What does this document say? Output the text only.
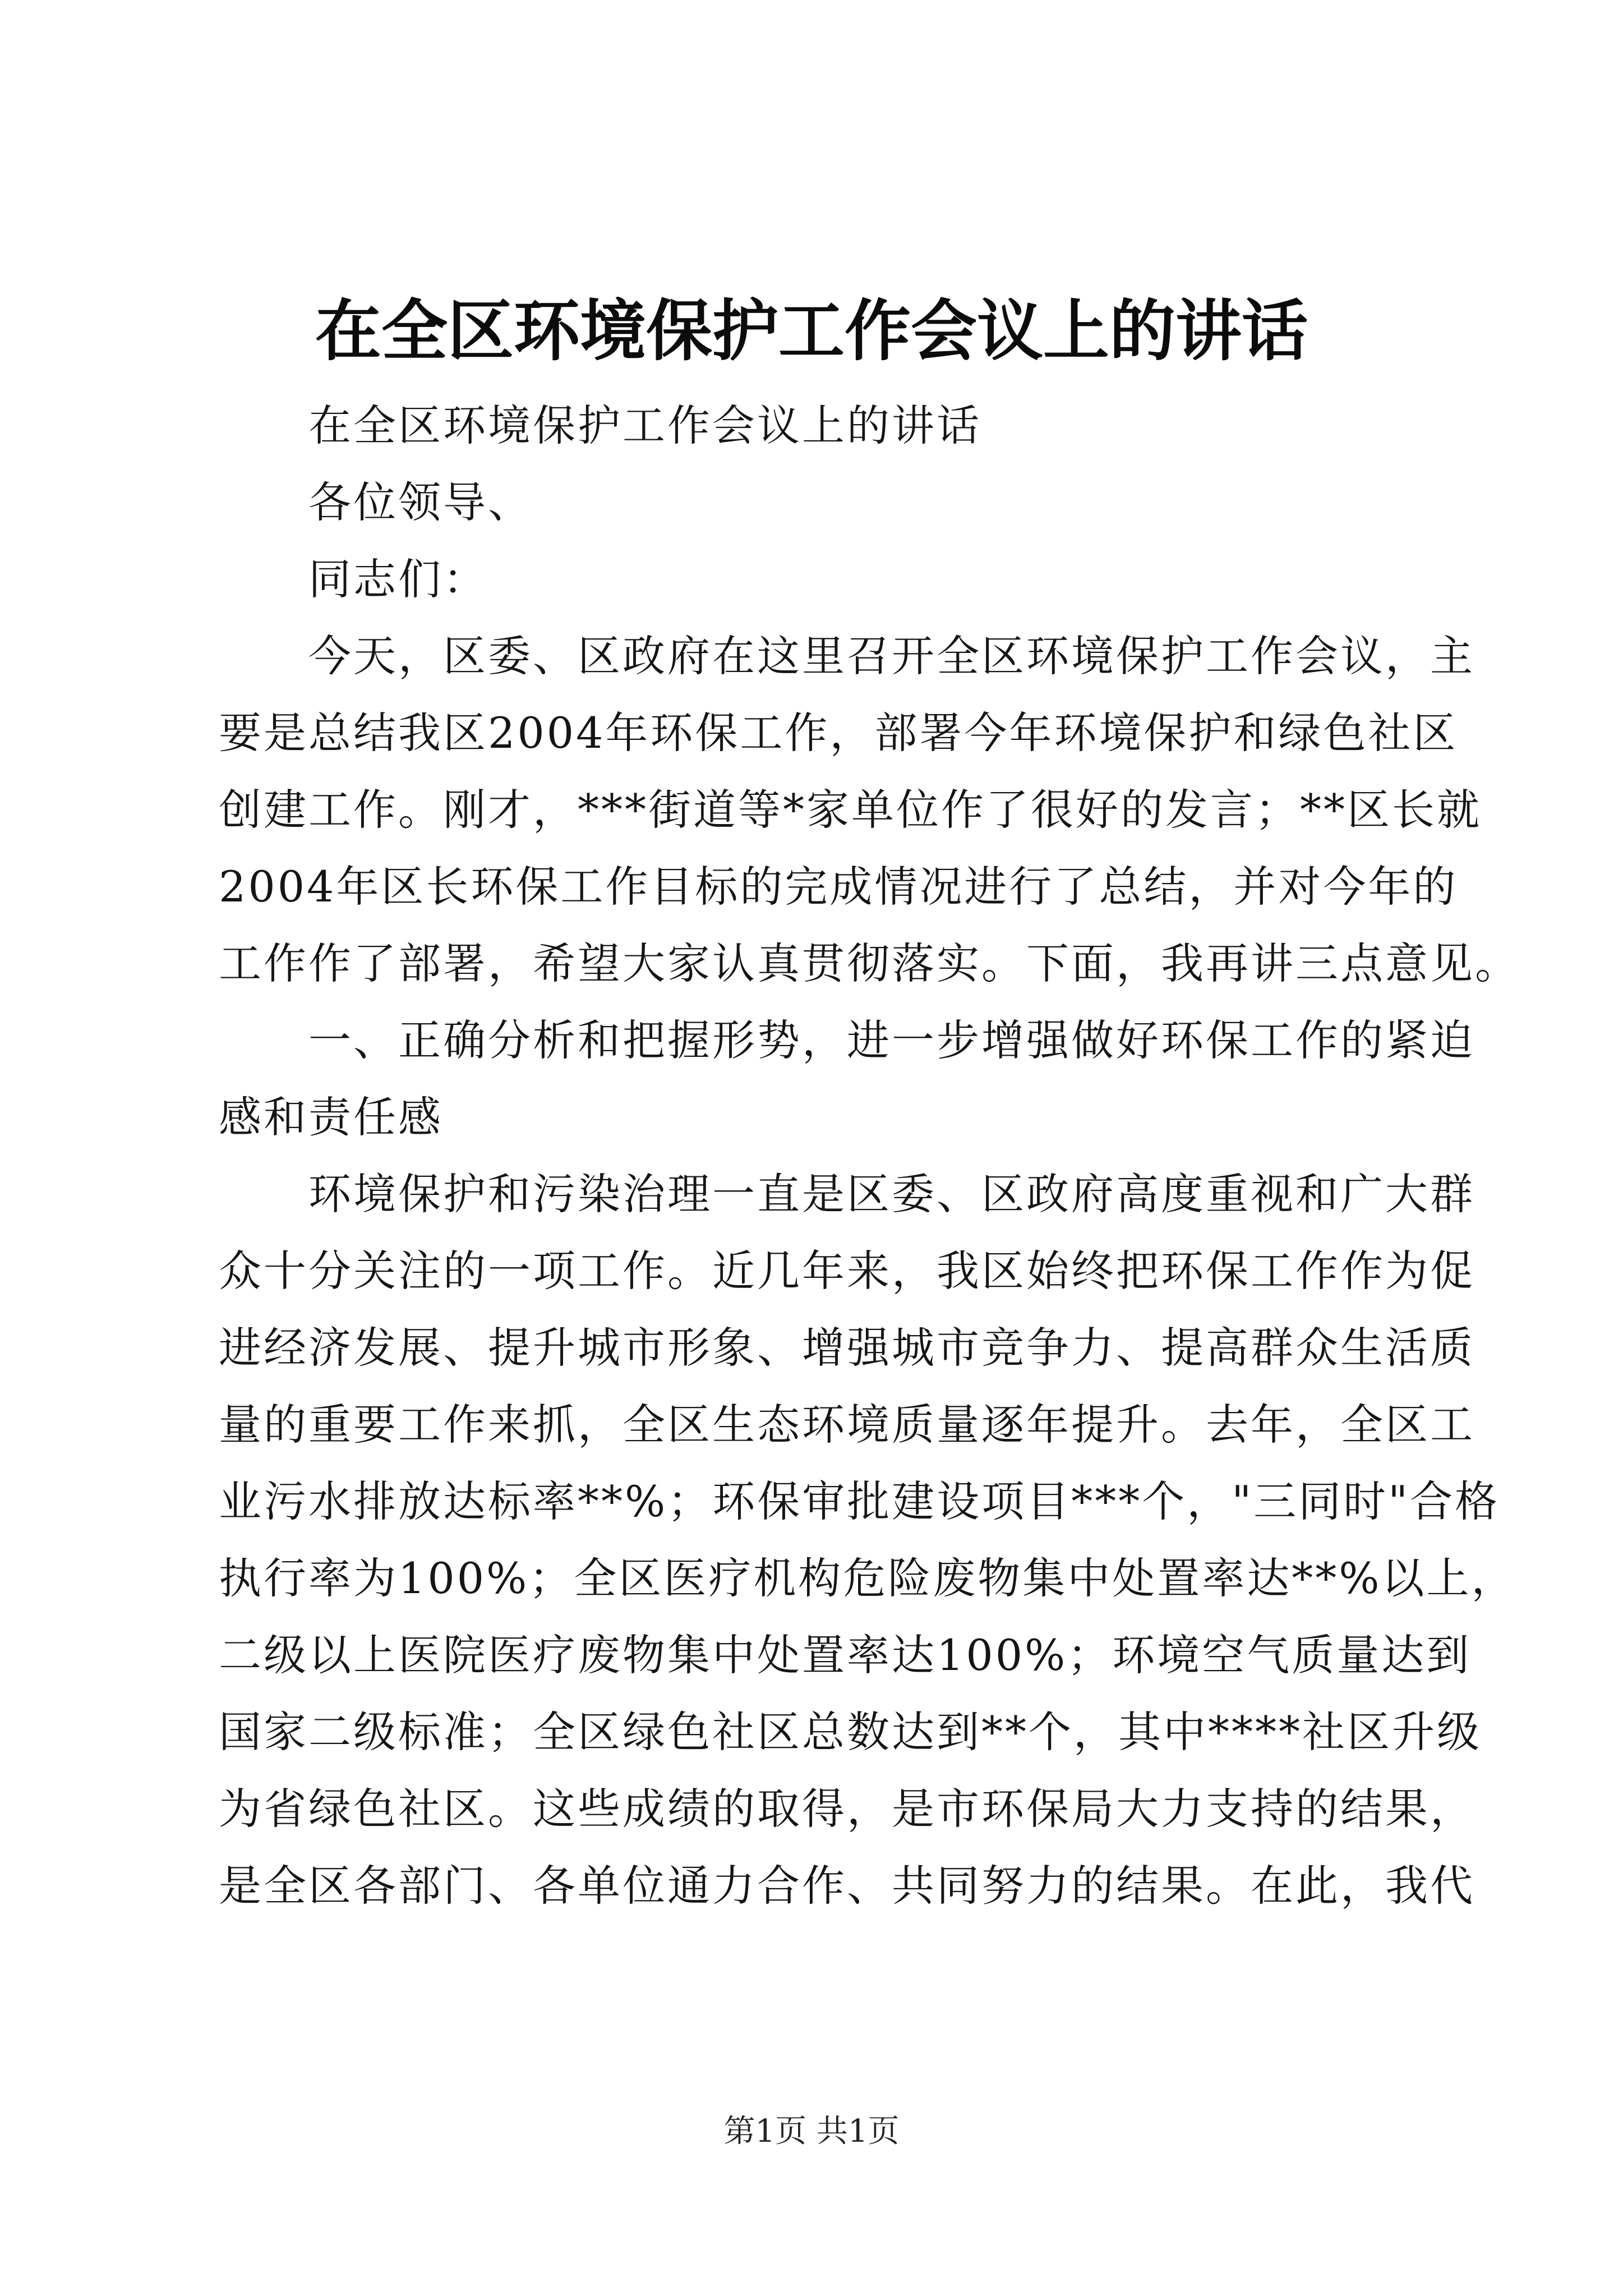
在全区环境保护工作会议上的讲话
在全区环境保护工作会议上的讲话
各位领导、
同志们：
今天，区委、区政府在这里召开全区环境保护工作会议，主
要是总结我区2004年环保工作，部署今年环境保护和绿色社区
创建工作。刚才，***街道等*家单位作了很好的发言；**区长就
2004年区长环保工作目标的完成情况进行了总结，并对今年的
工作作了部署，希望大家认真贯彻落实。下面，我再讲三点意见。
一、正确分析和把握形势，进一步增强做好环保工作的紧迫
感和责任感
环境保护和污染治理一直是区委、区政府高度重视和广大群
众十分关注的一项工作。近几年来，我区始终把环保工作作为促
进经济发展、提升城市形象、增强城市竞争力、提高群众生活质
量的重要工作来抓，全区生态环境质量逐年提升。去年，全区工
业污水排放达标率**%；环保审批建设项目***个，"三同时"合格
执行率为100%；全区医疗机构危险废物集中处置率达**%以上，
二级以上医院医疗废物集中处置率达100%；环境空气质量达到
国家二级标准；全区绿色社区总数达到**个，其中****社区升级
为省绿色社区。这些成绩的取得，是市环保局大力支持的结果，
是全区各部门、各单位通力合作、共同努力的结果。在此，我代
第1页 共1页
